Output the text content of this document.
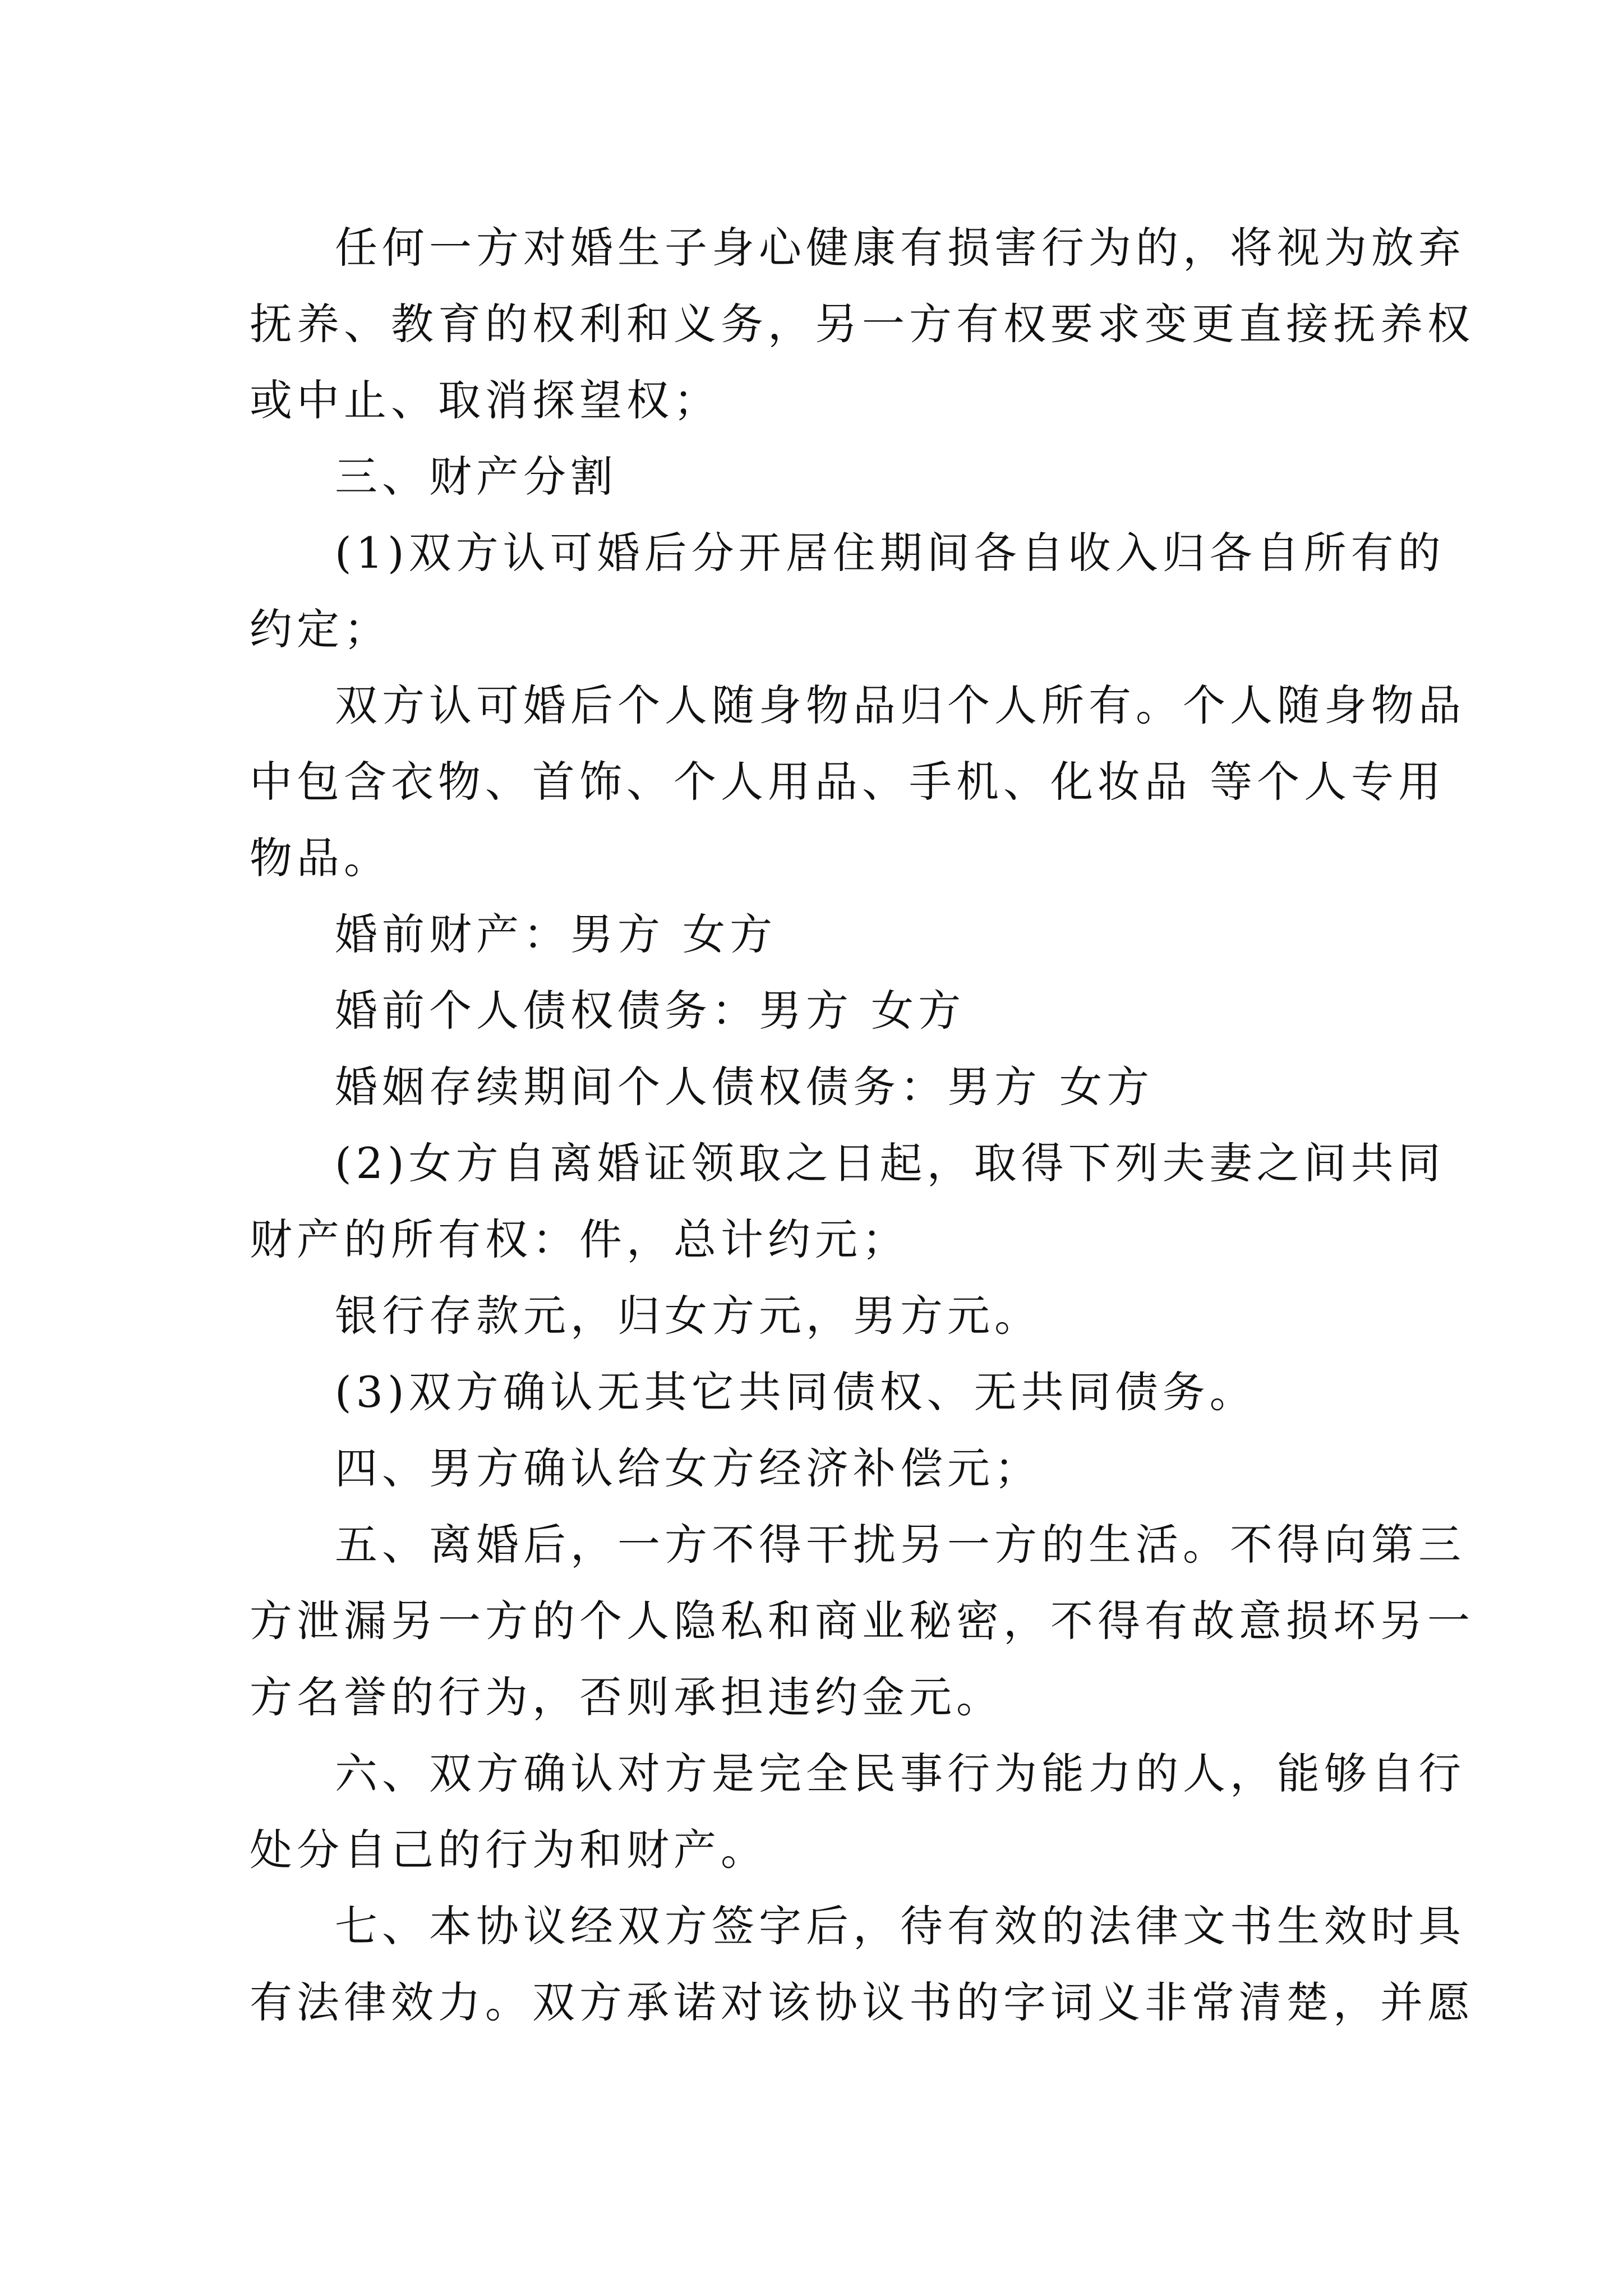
任何一方对婚生子身心健康有损害行为的，将视为放弃
抚养、教育的权利和义务，另一方有权要求变更直接抚养权
或中止、取消探望权；
三、财产分割
(1)双方认可婚后分开居住期间各自收入归各自所有的
约定；
双方认可婚后个人随身物品归个人所有。个人随身物品
中包含衣物、首饰、个人用品、手机、化妆品 等个人专用
物品。
婚前财产：男方 女方
婚前个人债权债务：男方 女方
婚姻存续期间个人债权债务：男方 女方
(2)女方自离婚证领取之日起，取得下列夫妻之间共同
财产的所有权：件，总计约元；
银行存款元，归女方元，男方元。
(3)双方确认无其它共同债权、无共同债务。
四、男方确认给女方经济补偿元；
五、离婚后，一方不得干扰另一方的生活。不得向第三
方泄漏另一方的个人隐私和商业秘密，不得有故意损坏另一
方名誉的行为，否则承担违约金元。
六、双方确认对方是完全民事行为能力的人，能够自行
处分自己的行为和财产。
七、本协议经双方签字后，待有效的法律文书生效时具
有法律效力。双方承诺对该协议书的字词义非常清楚，并愿
